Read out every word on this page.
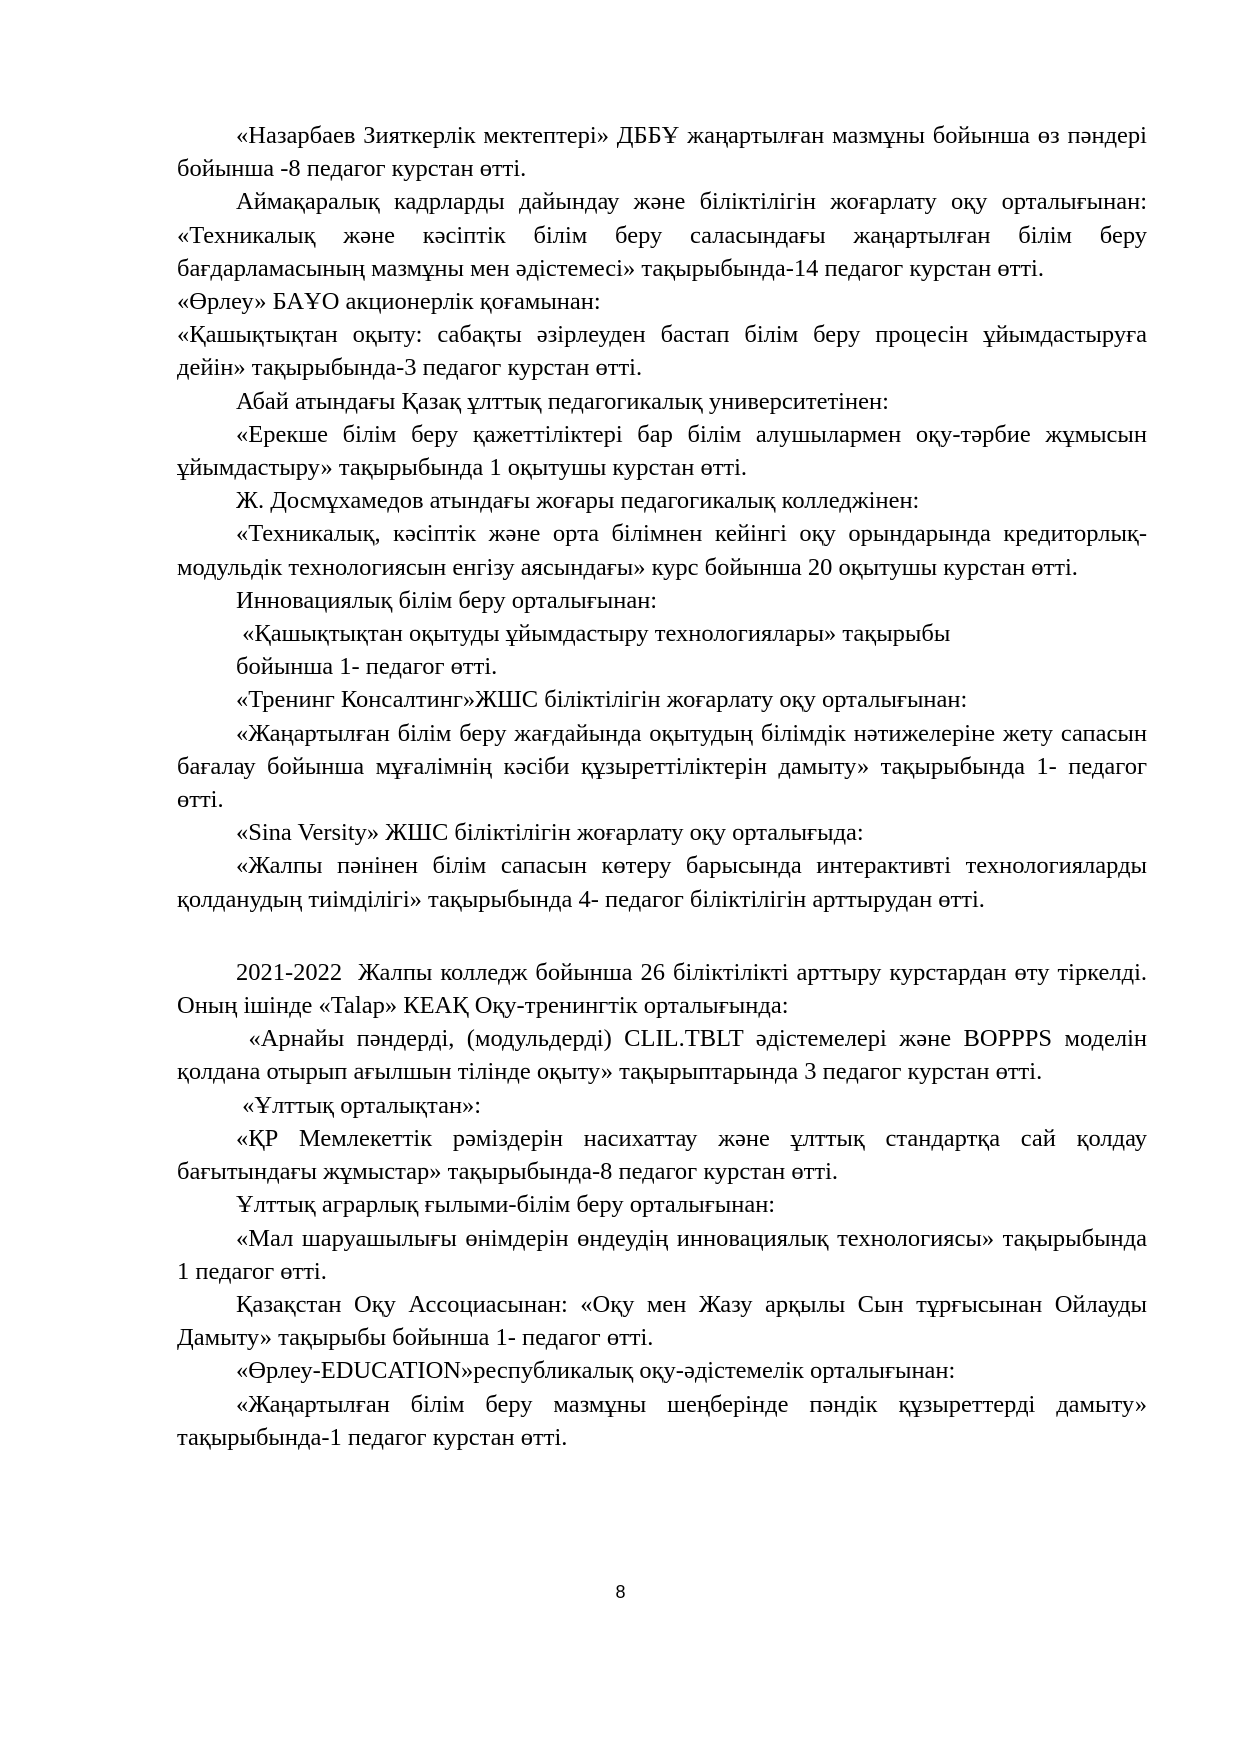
«Назарбаев Зияткерлік мектептері» ДББҰ жаңартылған мазмұны бойынша өз пәндері бойынша -8 педагог курстан өтті.

Аймақаралық кадрларды дайындау және біліктілігін жоғарлату оқу орталығынан: «Техникалық және кәсіптік білім беру саласындағы жаңартылған білім беру бағдарламасының мазмұны мен әдістемесі» тақырыбында-14 педагог курстан өтті.

«Өрлеу» БАҰО акционерлік қоғамынан:

«Қашықтықтан оқыту: сабақты әзірлеуден бастап білім беру процесін ұйымдастыруға дейін» тақырыбында-3 педагог курстан өтті.

Абай атындағы Қазақ ұлттық педагогикалық университетінен:

«Ерекше білім беру қажеттіліктері бар білім алушылармен оқу-тәрбие жұмысын ұйымдастыру» тақырыбында 1 оқытушы курстан өтті.

Ж. Досмұхамедов атындағы жоғары педагогикалық колледжінен:

«Техникалық, кәсіптік және орта білімнен кейінгі оқу орындарында кредиторлық- модульдік технологиясын енгізу аясындағы» курс бойынша 20 оқытушы курстан өтті.

Инновациялық білім беру орталығынан:

«Қашықтықтан оқытуды ұйымдастыру технологиялары» тақырыбы

бойынша 1- педагог өтті.

«Тренинг Консалтинг»ЖШС біліктілігін жоғарлату оқу орталығынан:

«Жаңартылған білім беру жағдайында оқытудың білімдік нәтижелеріне жету сапасын бағалау бойынша мұғалімнің кәсіби құзыреттіліктерін дамыту» тақырыбында 1- педагог өтті.

«Sina Versity» ЖШС біліктілігін жоғарлату оқу орталығыда:

«Жалпы пәнінен білім сапасын көтеру барысында интерактивті технологияларды қолданудың тиімділігі» тақырыбында 4- педагог біліктілігін арттырудан өтті.

2021-2022  Жалпы колледж бойынша 26 біліктілікті арттыру курстардан өту тіркелді. Оның ішінде «Talap» КЕАҚ Оқу-тренингтік орталығында:

«Арнайы пәндерді, (модульдерді) CLIL.TBLT әдістемелері және BOPPPS моделін қолдана отырып ағылшын тілінде оқыту» тақырыптарында 3 педагог курстан өтті.

«Ұлттық орталықтан»:

«ҚР Мемлекеттік рәміздерін насихаттау және ұлттық стандартқа сай қолдау бағытындағы жұмыстар» тақырыбында-8 педагог курстан өтті.

Ұлттық аграрлық ғылыми-білім беру орталығынан:

«Мал шаруашылығы өнімдерін өндеудің инновациялық технологиясы» тақырыбында 1 педагог өтті.

Қазақстан Оқу Ассоциасынан: «Оқу мен Жазу арқылы Сын тұрғысынан Ойлауды Дамыту» тақырыбы бойынша 1- педагог өтті.

«Өрлеу-EDUCATION»республикалық оқу-әдістемелік орталығынан:

«Жаңартылған білім беру мазмұны шеңберінде пәндік құзыреттерді дамыту» тақырыбында-1 педагог курстан өтті.

8
